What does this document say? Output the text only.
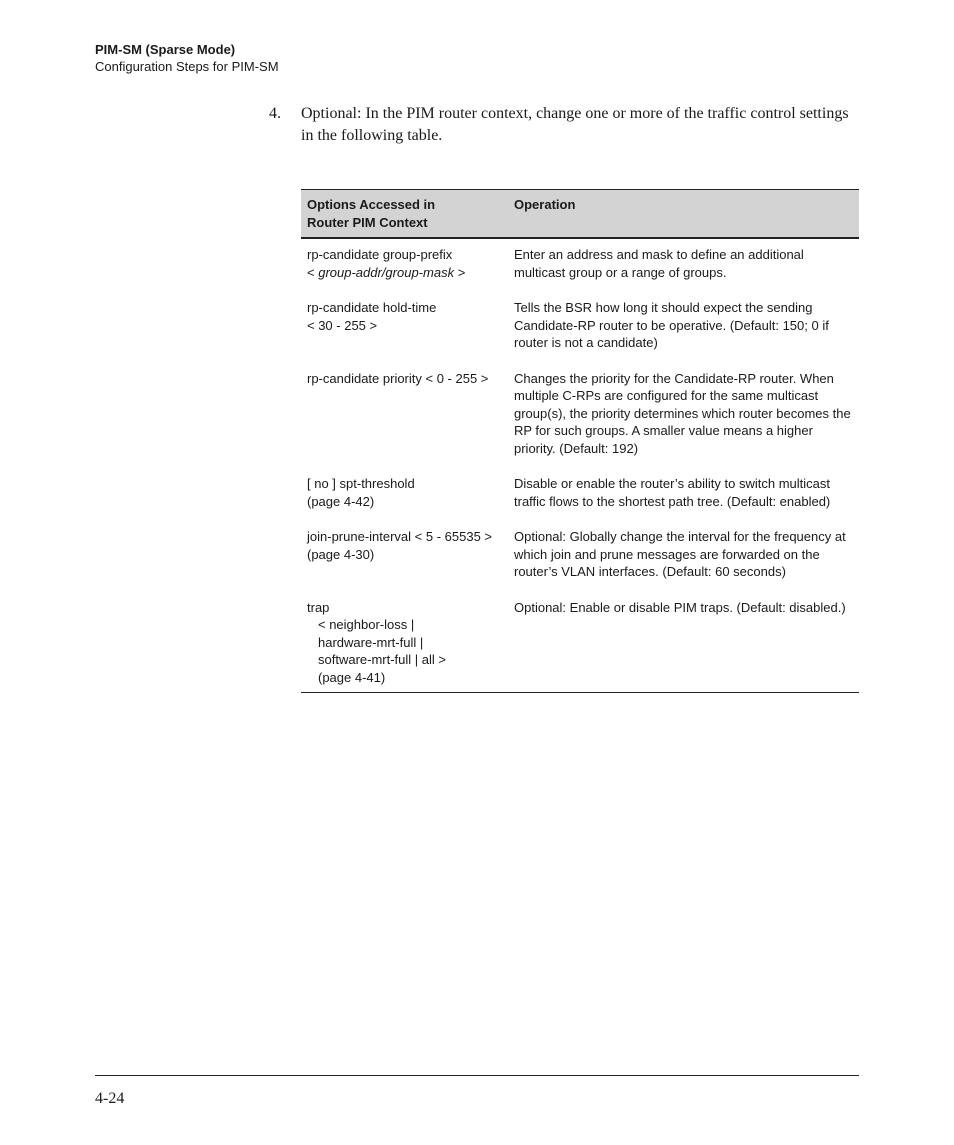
PIM-SM (Sparse Mode)
Configuration Steps for PIM-SM
4. Optional: In the PIM router context, change one or more of the traffic control settings in the following table.
Options Accessed in
Router PIM Context	Operation

rp-candidate group-prefix
< group-addr/group-mask >	Enter an address and mask to define an additional multicast group or a range of groups.

rp-candidate hold-time
< 30 - 255 >	Tells the BSR how long it should expect the sending Candidate-RP router to be operative. (Default: 150; 0 if router is not a candidate)

rp-candidate priority < 0 - 255 >	Changes the priority for the Candidate-RP router. When multiple C-RPs are configured for the same multicast group(s), the priority determines which router becomes the RP for such groups. A smaller value means a higher priority. (Default: 192)

[ no ] spt-threshold
(page 4-42)	Disable or enable the router’s ability to switch multicast traffic flows to the shortest path tree. (Default: enabled)

join-prune-interval < 5 - 65535 >
(page 4-30)	Optional: Globally change the interval for the frequency at which join and prune messages are forwarded on the router’s VLAN interfaces. (Default: 60 seconds)

trap
< neighbor-loss |
hardware-mrt-full |
software-mrt-full | all >
(page 4-41)	Optional: Enable or disable PIM traps. (Default: disabled.)
4-24
